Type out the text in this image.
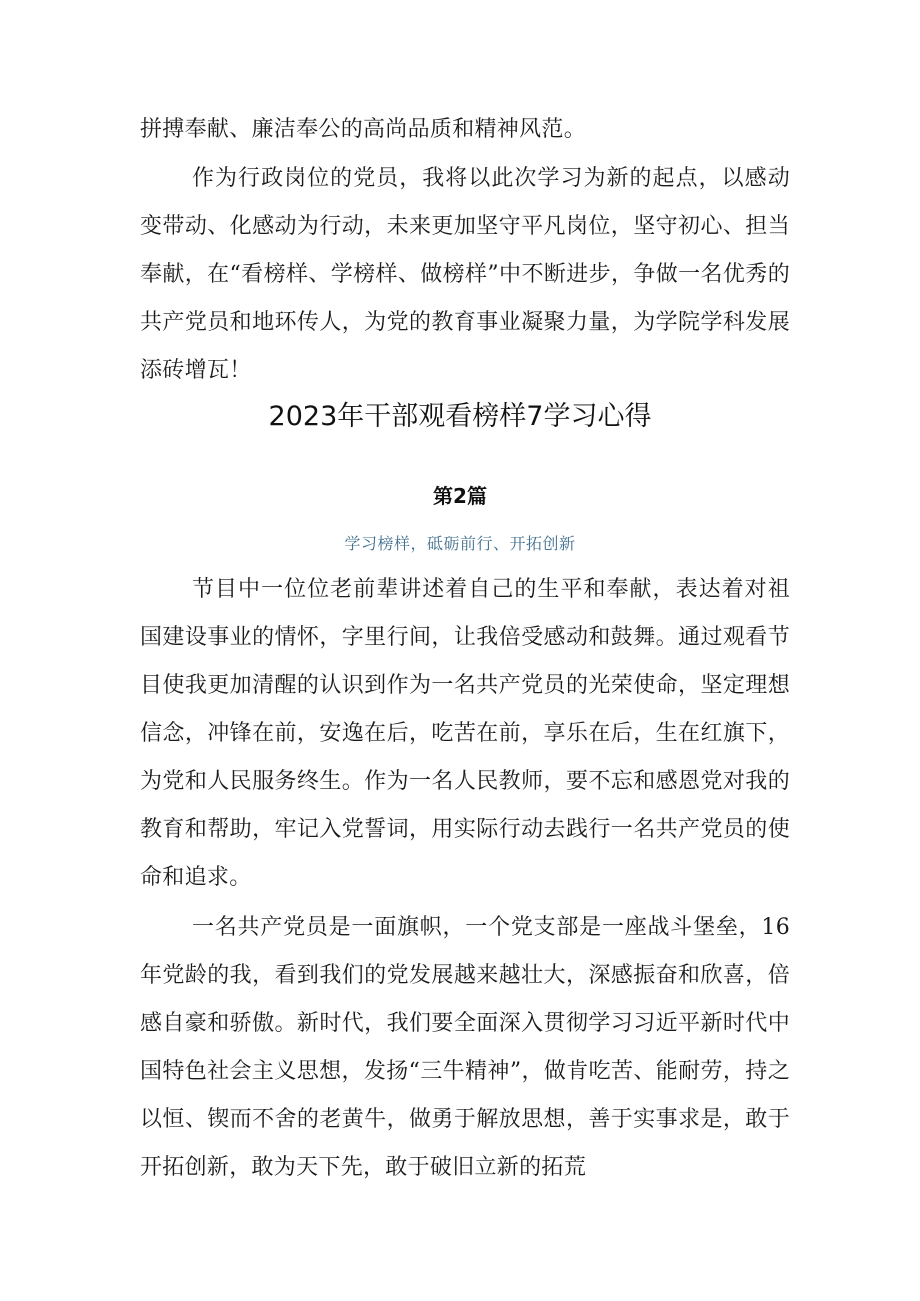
拼搏奉献、廉洁奉公的高尚品质和精神风范。

作为行政岗位的党员，我将以此次学习为新的起点，以感动变带动、化感动为行动，未来更加坚守平凡岗位，坚守初心、担当奉献，在“看榜样、学榜样、做榜样”中不断进步，争做一名优秀的共产党员和地环传人，为党的教育事业凝聚力量，为学院学科发展添砖增瓦！

2023年干部观看榜样7学习心得
第2篇
学习榜样，砥砺前行、开拓创新

节目中一位位老前辈讲述着自己的生平和奉献，表达着对祖国建设事业的情怀，字里行间，让我倍受感动和鼓舞。通过观看节目使我更加清醒的认识到作为一名共产党员的光荣使命，坚定理想信念，冲锋在前，安逸在后，吃苦在前，享乐在后，生在红旗下，为党和人民服务终生。作为一名人民教师，要不忘和感恩党对我的教育和帮助，牢记入党誓词，用实际行动去践行一名共产党员的使命和追求。

一名共产党员是一面旗帜，一个党支部是一座战斗堡垒，16年党龄的我，看到我们的党发展越来越壮大，深感振奋和欣喜，倍感自豪和骄傲。新时代，我们要全面深入贯彻学习习近平新时代中国特色社会主义思想，发扬“三牛精神”，做肯吃苦、能耐劳，持之以恒、锲而不舍的老黄牛，做勇于解放思想，善于实事求是，敢于开拓创新，敢为天下先，敢于破旧立新的拓荒
